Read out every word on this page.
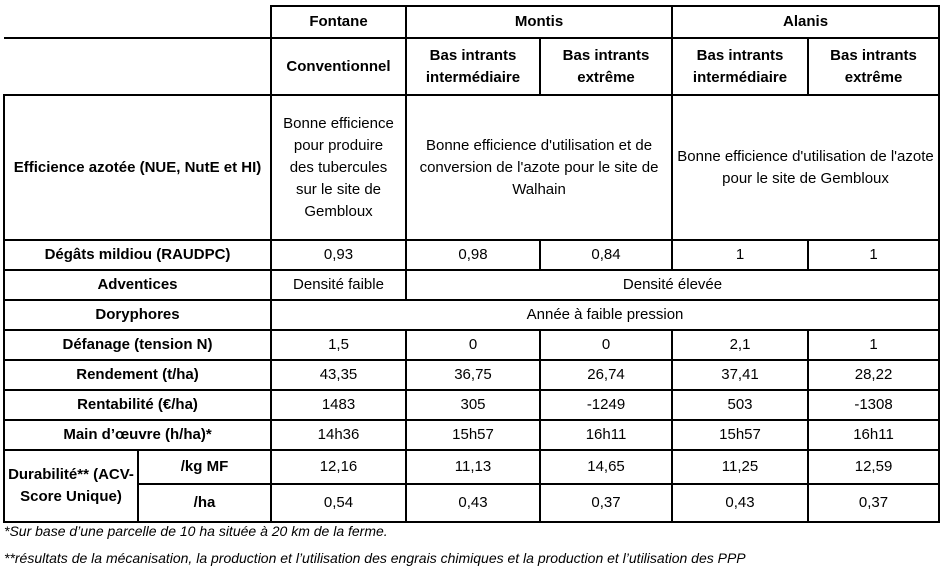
		Fontane	Montis		Alanis	
		Conventionnel	Bas intrants intermédiaire	Bas intrants extrême	Bas intrants intermédiaire	Bas intrants extrême
Efficience azotée (NUE, NutE et HI)		Bonne efficience pour produire des tubercules sur le site de Gembloux	Bonne efficience d'utilisation et de conversion de l'azote pour le site de Walhain		Bonne efficience d'utilisation de l'azote pour le site de Gembloux	
Dégâts mildiou (RAUDPC)		0,93	0,98	0,84	1	1
Adventices		Densité faible	Densité élevée			
Doryphores		Année à faible pression				
Défanage (tension N)		1,5	0	0	2,1	1
Rendement (t/ha)		43,35	36,75	26,74	37,41	28,22
Rentabilité (€/ha)		1483	305	-1249	503	-1308
Main d’œuvre (h/ha)*		14h36	15h57	16h11	15h57	16h11
Durabilité** (ACV-Score Unique)	/kg MF	12,16	11,13	14,65	11,25	12,59
	/ha	0,54	0,43	0,37	0,43	0,37
*Sur base d’une parcelle de 10 ha située à 20 km de la ferme.
**résultats de la mécanisation, la production et l’utilisation des engrais chimiques et la production et l’utilisation des PPP
